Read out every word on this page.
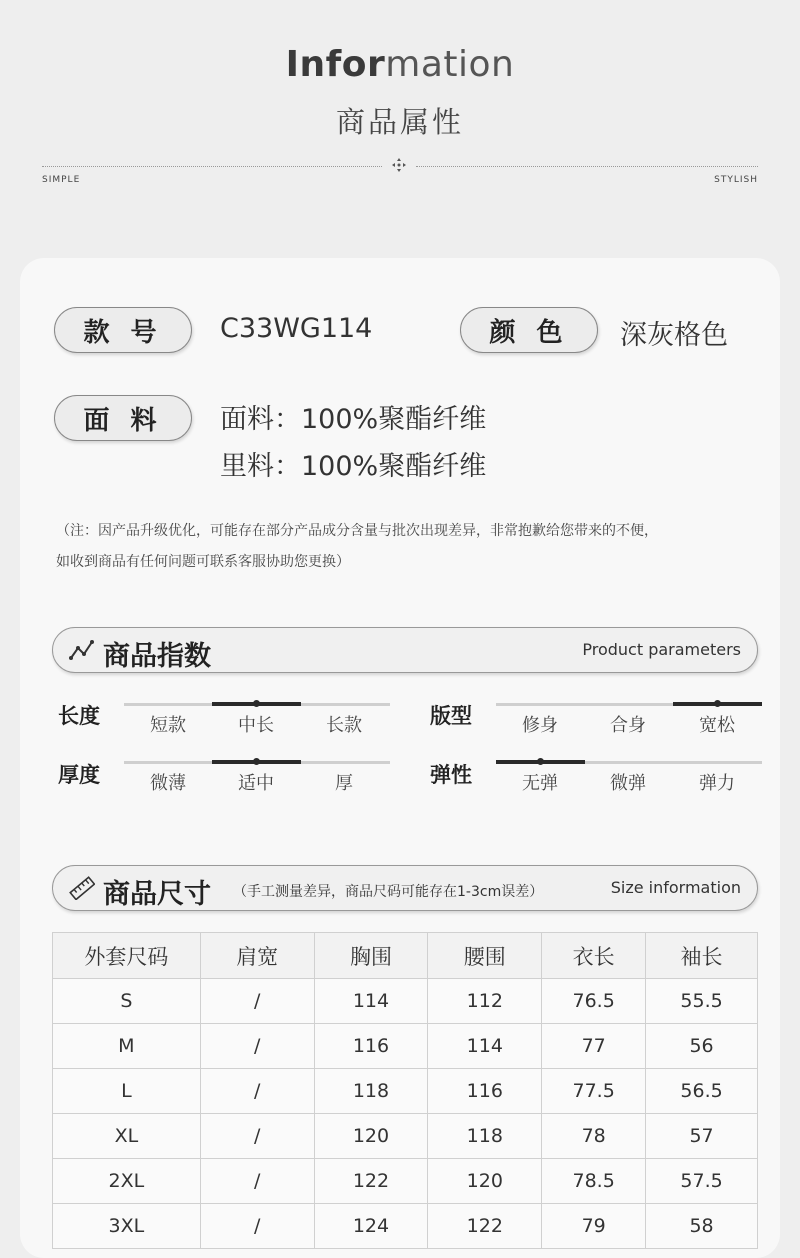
Information
商品属性
SIMPLE	STYLISH
款 号	C33WG114	颜 色	深灰格色
面 料	面料：100%聚酯纤维
里料：100%聚酯纤维
（注：因产品升级优化，可能存在部分产品成分含量与批次出现差异，非常抱歉给您带来的不便，
如收到商品有任何问题可联系客服协助您更换）
商品指数	Product parameters
长度	短款	中长	长款	版型	修身	合身	宽松
厚度	微薄	适中	厚	弹性	无弹	微弹	弹力
商品尺寸 （手工测量差异，商品尺码可能存在1-3cm误差）	Size information
外套尺码	肩宽	胸围	腰围	衣长	袖长
S	/	114	112	76.5	55.5
M	/	116	114	77	56
L	/	118	116	77.5	56.5
XL	/	120	118	78	57
2XL	/	122	120	78.5	57.5
3XL	/	124	122	79	58
